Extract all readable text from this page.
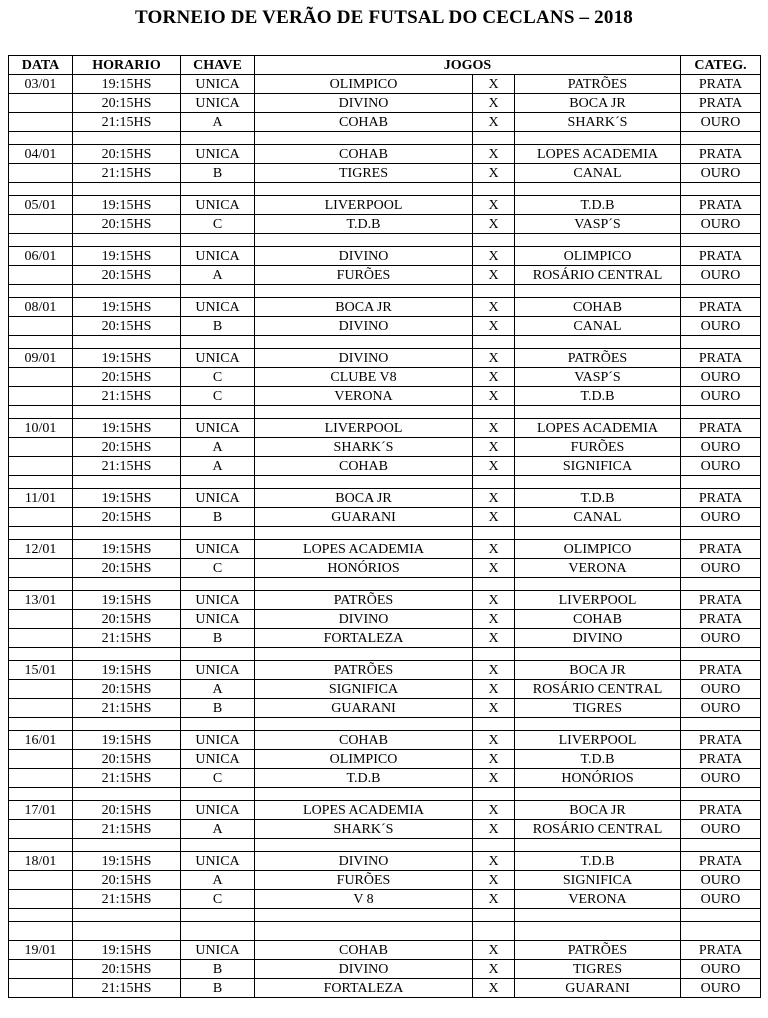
TORNEIO DE VERÃO DE FUTSAL DO CECLANS – 2018
DATA	HORARIO	CHAVE	JOGOS			CATEG.
03/01	19:15HS	UNICA	OLIMPICO	X	PATRÕES	PRATA
	20:15HS	UNICA	DIVINO	X	BOCA JR	PRATA
	21:15HS	A	COHAB	X	SHARK´S	OURO

04/01	20:15HS	UNICA	COHAB	X	LOPES ACADEMIA	PRATA
	21:15HS	B	TIGRES	X	CANAL	OURO

05/01	19:15HS	UNICA	LIVERPOOL	X	T.D.B	PRATA
	20:15HS	C	T.D.B	X	VASP´S	OURO

06/01	19:15HS	UNICA	DIVINO	X	OLIMPICO	PRATA
	20:15HS	A	FURÕES	X	ROSÁRIO CENTRAL	OURO

08/01	19:15HS	UNICA	BOCA JR	X	COHAB	PRATA
	20:15HS	B	DIVINO	X	CANAL	OURO

09/01	19:15HS	UNICA	DIVINO	X	PATRÕES	PRATA
	20:15HS	C	CLUBE V8	X	VASP´S	OURO
	21:15HS	C	VERONA	X	T.D.B	OURO

10/01	19:15HS	UNICA	LIVERPOOL	X	LOPES ACADEMIA	PRATA
	20:15HS	A	SHARK´S	X	FURÕES	OURO
	21:15HS	A	COHAB	X	SIGNIFICA	OURO

11/01	19:15HS	UNICA	BOCA JR	X	T.D.B	PRATA
	20:15HS	B	GUARANI	X	CANAL	OURO

12/01	19:15HS	UNICA	LOPES ACADEMIA	X	OLIMPICO	PRATA
	20:15HS	C	HONÓRIOS	X	VERONA	OURO

13/01	19:15HS	UNICA	PATRÕES	X	LIVERPOOL	PRATA
	20:15HS	UNICA	DIVINO	X	COHAB	PRATA
	21:15HS	B	FORTALEZA	X	DIVINO	OURO

15/01	19:15HS	UNICA	PATRÕES	X	BOCA JR	PRATA
	20:15HS	A	SIGNIFICA	X	ROSÁRIO CENTRAL	OURO
	21:15HS	B	GUARANI	X	TIGRES	OURO

16/01	19:15HS	UNICA	COHAB	X	LIVERPOOL	PRATA
	20:15HS	UNICA	OLIMPICO	X	T.D.B	PRATA
	21:15HS	C	T.D.B	X	HONÓRIOS	OURO

17/01	20:15HS	UNICA	LOPES ACADEMIA	X	BOCA JR	PRATA
	21:15HS	A	SHARK´S	X	ROSÁRIO CENTRAL	OURO

18/01	19:15HS	UNICA	DIVINO	X	T.D.B	PRATA
	20:15HS	A	FURÕES	X	SIGNIFICA	OURO
	21:15HS	C	V 8	X	VERONA	OURO

19/01	19:15HS	UNICA	COHAB	X	PATRÕES	PRATA
	20:15HS	B	DIVINO	X	TIGRES	OURO
	21:15HS	B	FORTALEZA	X	GUARANI	OURO
